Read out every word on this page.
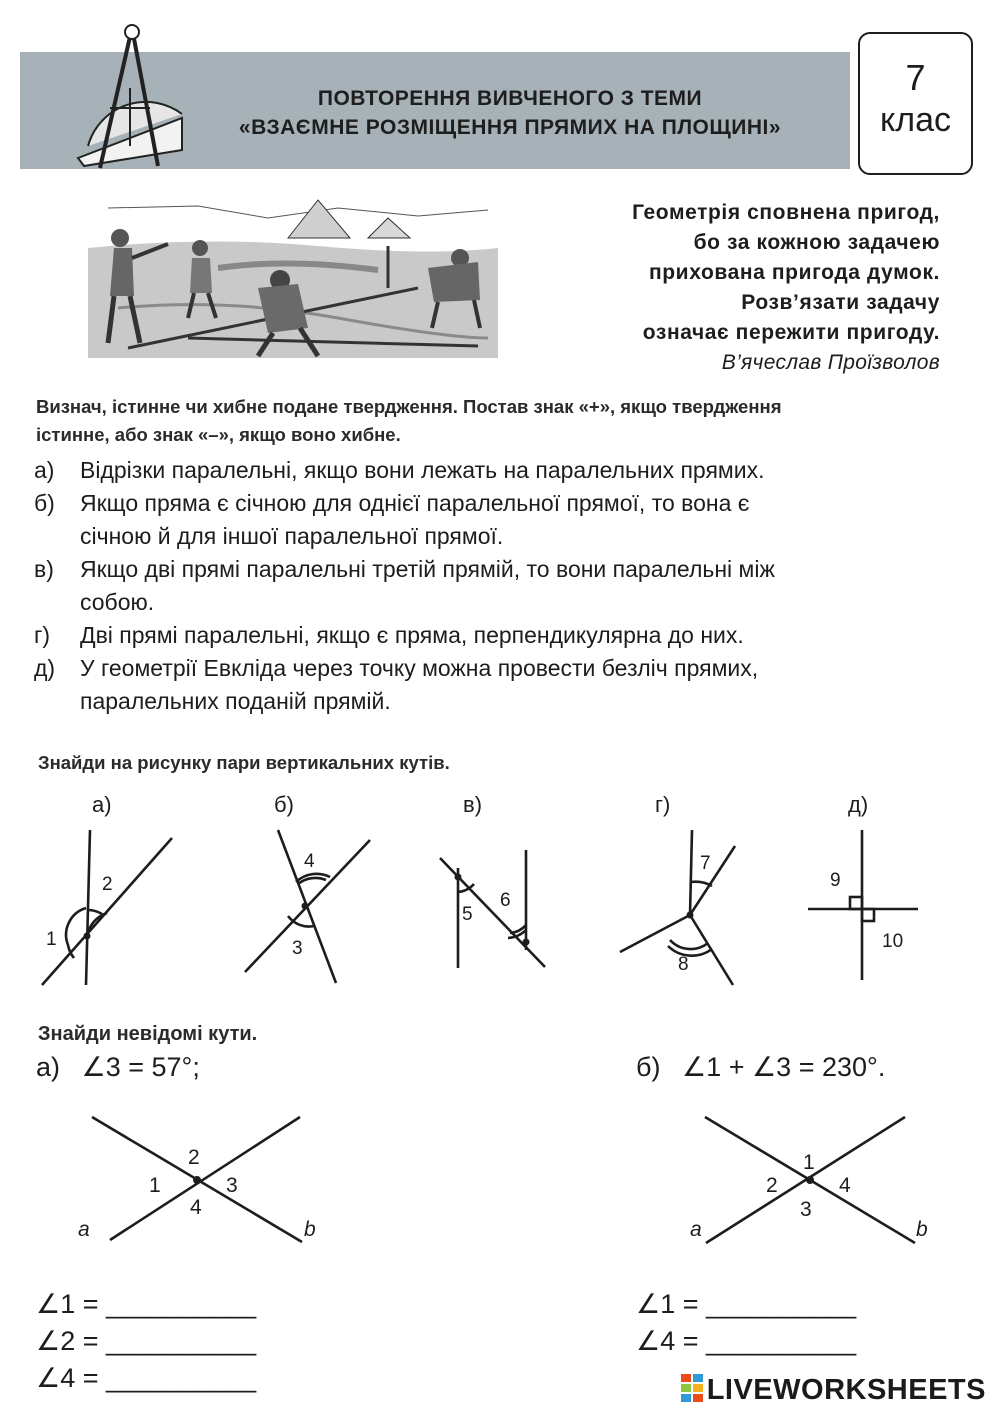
ПОВТОРЕННЯ ВИВЧЕНОГО З ТЕМИ
«ВЗАЄМНЕ РОЗМІЩЕННЯ ПРЯМИХ НА ПЛОЩИНІ»
7
клас
Геометрія сповнена пригод,
бо за кожною задачею
прихована пригода думок.
Розв’язати задачу
означає пережити пригоду.
В’ячеслав Проїзволов
Визнач, істинне чи хибне подане твердження. Постав знак «+», якщо твердження
істинне, або знак «–», якщо воно хибне.
а)	Відрізки паралельні, якщо вони лежать на паралельних прямих.
б)	Якщо пряма є січною для однієї паралельної прямої, то вона є
січною й для іншої паралельної прямої.
в)	Якщо дві прямі паралельні третій прямій, то вони паралельні між
собою.
г)	Дві прямі паралельні, якщо є пряма, перпендикулярна до них.
д)	У геометрії Евкліда через точку можна провести безліч прямих,
паралельних поданій прямій.
Знайди на рисунку пари вертикальних кутів.
а)	б)	в)	г)	д)
1
2
3
4
5
6
7
8
9
10
Знайди невідомі кути.
а) ∠3 = 57°;	б) ∠1 + ∠3 = 230°.
2
1	3
4
a	b
1
2
3
4
a	b
∠1 = __________
∠2 = __________
∠4 = __________
∠1 = __________
∠4 = __________
LIVEWORKSHEETS
